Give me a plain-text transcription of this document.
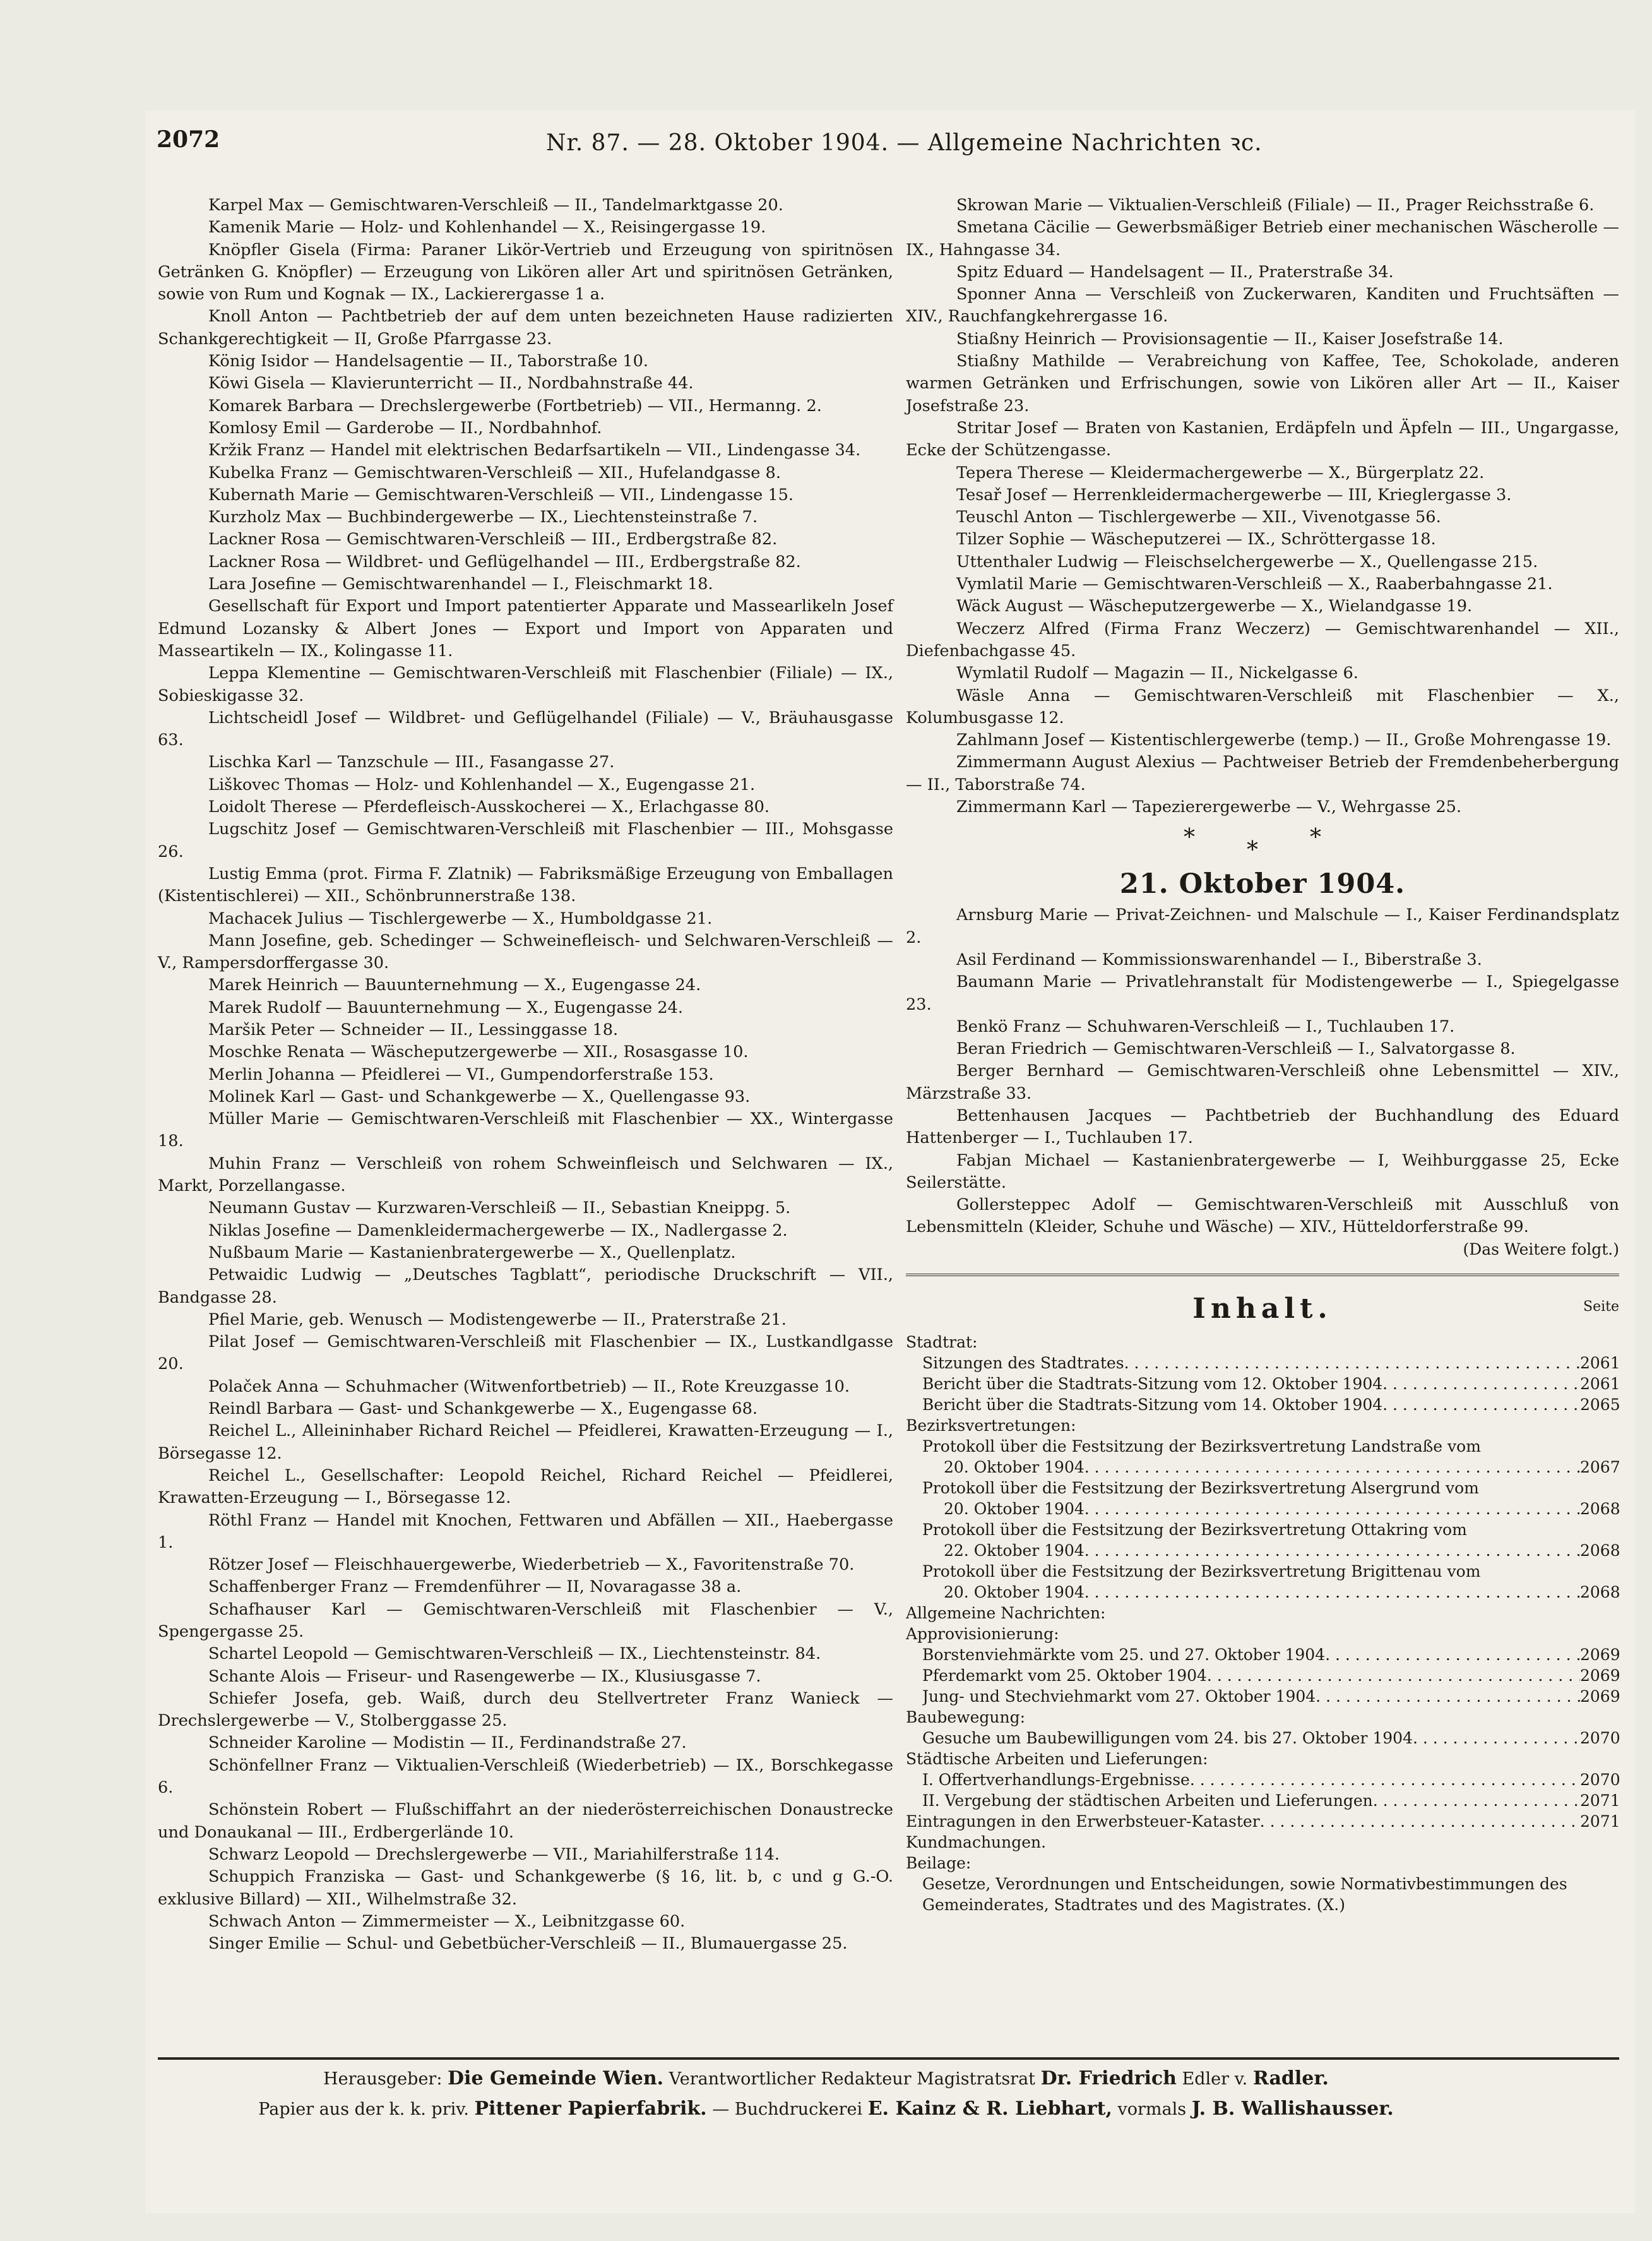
2072	Nr. 87. — 28. Oktober 1904. — Allgemeine Nachrichten ꝛc.

Karpel Max — Gemischtwaren-Verschleiß — II., Tandelmarktgasse 20.

Kamenik Marie — Holz- und Kohlenhandel — X., Reisingergasse 19.

Knöpfler Gisela (Firma: Paraner Likör-Vertrieb und Erzeugung von spiritnösen Getränken G. Knöpfler) — Erzeugung von Likören aller Art und spiritnösen Getränken, sowie von Rum und Kognak — IX., Lackierergasse 1 a.

Knoll Anton — Pachtbetrieb der auf dem unten bezeichneten Hause radizierten Schankgerechtigkeit — II, Große Pfarrgasse 23.

König Isidor — Handelsagentie — II., Taborstraße 10.

Köwi Gisela — Klavierunterricht — II., Nordbahnstraße 44.

Komarek Barbara — Drechslergewerbe (Fortbetrieb) — VII., Hermanng. 2.

Komlosy Emil — Garderobe — II., Nordbahnhof.

Kržik Franz — Handel mit elektrischen Bedarfsartikeln — VII., Lindengasse 34.

Kubelka Franz — Gemischtwaren-Verschleiß — XII., Hufelandgasse 8.

Kubernath Marie — Gemischtwaren-Verschleiß — VII., Lindengasse 15.

Kurzholz Max — Buchbindergewerbe — IX., Liechtensteinstraße 7.

Lackner Rosa — Gemischtwaren-Verschleiß — III., Erdbergstraße 82.

Lackner Rosa — Wildbret- und Geflügelhandel — III., Erdbergstraße 82.

Lara Josefine — Gemischtwarenhandel — I., Fleischmarkt 18.

Gesellschaft für Export und Import patentierter Apparate und Massearlikeln Josef Edmund Lozansky & Albert Jones — Export und Import von Apparaten und Masseartikeln — IX., Kolingasse 11.

Leppa Klementine — Gemischtwaren-Verschleiß mit Flaschenbier (Filiale) — IX., Sobieskigasse 32.

Lichtscheidl Josef — Wildbret- und Geflügelhandel (Filiale) — V., Bräuhausgasse 63.

Lischka Karl — Tanzschule — III., Fasangasse 27.

Liškovec Thomas — Holz- und Kohlenhandel — X., Eugengasse 21.

Loidolt Therese — Pferdefleisch-Ausskocherei — X., Erlachgasse 80.

Lugschitz Josef — Gemischtwaren-Verschleiß mit Flaschenbier — III., Mohsgasse 26.

Lustig Emma (prot. Firma F. Zlatnik) — Fabriksmäßige Erzeugung von Emballagen (Kistentischlerei) — XII., Schönbrunnerstraße 138.

Machacek Julius — Tischlergewerbe — X., Humboldgasse 21.

Mann Josefine, geb. Schedinger — Schweinefleisch- und Selchwaren-Verschleiß — V., Rampersdorffergasse 30.

Marek Heinrich — Bauunternehmung — X., Eugengasse 24.

Marek Rudolf — Bauunternehmung — X., Eugengasse 24.

Maršik Peter — Schneider — II., Lessinggasse 18.

Moschke Renata — Wäscheputzergewerbe — XII., Rosasgasse 10.

Merlin Johanna — Pfeidlerei — VI., Gumpendorferstraße 153.

Molinek Karl — Gast- und Schankgewerbe — X., Quellengasse 93.

Müller Marie — Gemischtwaren-Verschleiß mit Flaschenbier — XX., Wintergasse 18.

Muhin Franz — Verschleiß von rohem Schweinfleisch und Selchwaren — IX., Markt, Porzellangasse.

Neumann Gustav — Kurzwaren-Verschleiß — II., Sebastian Kneippg. 5.

Niklas Josefine — Damenkleidermachergewerbe — IX., Nadlergasse 2.

Nußbaum Marie — Kastanienbratergewerbe — X., Quellenplatz.

Petwaidic Ludwig — „Deutsches Tagblatt“, periodische Druckschrift — VII., Bandgasse 28.

Pfiel Marie, geb. Wenusch — Modistengewerbe — II., Praterstraße 21.

Pilat Josef — Gemischtwaren-Verschleiß mit Flaschenbier — IX., Lustkandlgasse 20.

Polaček Anna — Schuhmacher (Witwenfortbetrieb) — II., Rote Kreuzgasse 10.

Reindl Barbara — Gast- und Schankgewerbe — X., Eugengasse 68.

Reichel L., Alleininhaber Richard Reichel — Pfeidlerei, Krawatten-Erzeugung — I., Börsegasse 12.

Reichel L., Gesellschafter: Leopold Reichel, Richard Reichel — Pfeidlerei, Krawatten-Erzeugung — I., Börsegasse 12.

Röthl Franz — Handel mit Knochen, Fettwaren und Abfällen — XII., Haebergasse 1.

Rötzer Josef — Fleischhauergewerbe, Wiederbetrieb — X., Favoritenstraße 70.

Schaffenberger Franz — Fremdenführer — II, Novaragasse 38 a.

Schafhauser Karl — Gemischtwaren-Verschleiß mit Flaschenbier — V., Spengergasse 25.

Schartel Leopold — Gemischtwaren-Verschleiß — IX., Liechtensteinstr. 84.

Schante Alois — Friseur- und Rasengewerbe — IX., Klusiusgasse 7.

Schiefer Josefa, geb. Waiß, durch deu Stellvertreter Franz Wanieck — Drechslergewerbe — V., Stolberggasse 25.

Schneider Karoline — Modistin — II., Ferdinandstraße 27.

Schönfellner Franz — Viktualien-Verschleiß (Wiederbetrieb) — IX., Borschkegasse 6.

Schönstein Robert — Flußschiffahrt an der niederösterreichischen Donaustrecke und Donaukanal — III., Erdbergerlände 10.

Schwarz Leopold — Drechslergewerbe — VII., Mariahilferstraße 114.

Schuppich Franziska — Gast- und Schankgewerbe (§ 16, lit. b, c und g G.-O. exklusive Billard) — XII., Wilhelmstraße 32.

Schwach Anton — Zimmermeister — X., Leibnitzgasse 60.

Singer Emilie — Schul- und Gebetbücher-Verschleiß — II., Blumauergasse 25.

Skrowan Marie — Viktualien-Verschleiß (Filiale) — II., Prager Reichsstraße 6.

Smetana Cäcilie — Gewerbsmäßiger Betrieb einer mechanischen Wäscherolle — IX., Hahngasse 34.

Spitz Eduard — Handelsagent — II., Praterstraße 34.

Sponner Anna — Verschleiß von Zuckerwaren, Kanditen und Fruchtsäften — XIV., Rauchfangkehrergasse 16.

Stiaßny Heinrich — Provisionsagentie — II., Kaiser Josefstraße 14.

Stiaßny Mathilde — Verabreichung von Kaffee, Tee, Schokolade, anderen warmen Getränken und Erfrischungen, sowie von Likören aller Art — II., Kaiser Josefstraße 23.

Stritar Josef — Braten von Kastanien, Erdäpfeln und Äpfeln — III., Ungargasse, Ecke der Schützengasse.

Tepera Therese — Kleidermachergewerbe — X., Bürgerplatz 22.

Tesař Josef — Herrenkleidermachergewerbe — III, Krieglergasse 3.

Teuschl Anton — Tischlergewerbe — XII., Vivenotgasse 56.

Tilzer Sophie — Wäscheputzerei — IX., Schröttergasse 18.

Uttenthaler Ludwig — Fleischselchergewerbe — X., Quellengasse 215.

Vymlatil Marie — Gemischtwaren-Verschleiß — X., Raaberbahngasse 21.

Wäck August — Wäscheputzergewerbe — X., Wielandgasse 19.

Weczerz Alfred (Firma Franz Weczerz) — Gemischtwarenhandel — XII., Diefenbachgasse 45.

Wymlatil Rudolf — Magazin — II., Nickelgasse 6.

Wäsle Anna — Gemischtwaren-Verschleiß mit Flaschenbier — X., Kolumbusgasse 12.

Zahlmann Josef — Kistentischlergewerbe (temp.) — II., Große Mohrengasse 19.

Zimmermann August Alexius — Pachtweiser Betrieb der Fremdenbeherbergung — II., Taborstraße 74.

Zimmermann Karl — Tapezierergewerbe — V., Wehrgasse 25.

* * *
21. Oktober 1904.

Arnsburg Marie — Privat-Zeichnen- und Malschule — I., Kaiser Ferdinandsplatz 2.

Asil Ferdinand — Kommissionswarenhandel — I., Biberstraße 3.

Baumann Marie — Privatlehranstalt für Modistengewerbe — I., Spiegelgasse 23.

Benkö Franz — Schuhwaren-Verschleiß — I., Tuchlauben 17.

Beran Friedrich — Gemischtwaren-Verschleiß — I., Salvatorgasse 8.

Berger Bernhard — Gemischtwaren-Verschleiß ohne Lebensmittel — XIV., Märzstraße 33.

Bettenhausen Jacques — Pachtbetrieb der Buchhandlung des Eduard Hattenberger — I., Tuchlauben 17.

Fabjan Michael — Kastanienbratergewerbe — I, Weihburggasse 25, Ecke Seilerstätte.

Gollersteppec Adolf — Gemischtwaren-Verschleiß mit Ausschluß von Lebensmitteln (Kleider, Schuhe und Wäsche) — XIV., Hütteldorferstraße 99.

(Das Weitere folgt.)
Inhalt.	Seite
Stadtrat:
Sitzungen des Stadtrates . . .	2061
Bericht über die Stadtrats-Sitzung vom 12. Oktober 1904 . . .	2061
Bericht über die Stadtrats-Sitzung vom 14. Oktober 1904 . . .	2065
Bezirksvertretungen:
Protokoll über die Festsitzung der Bezirksvertretung Landstraße vom
20. Oktober 1904 . . .	2067
Protokoll über die Festsitzung der Bezirksvertretung Alsergrund vom
20. Oktober 1904 . . .	2068
Protokoll über die Festsitzung der Bezirksvertretung Ottakring vom
22. Oktober 1904 . . .	2068
Protokoll über die Festsitzung der Bezirksvertretung Brigittenau vom
20. Oktober 1904 . . .	2068
Allgemeine Nachrichten:
Approvisionierung:
Borstenviehmärkte vom 25. und 27. Oktober 1904 . . .	2069
Pferdemarkt vom 25. Oktober 1904 . . .	2069
Jung- und Stechviehmarkt vom 27. Oktober 1904 . . .	2069
Baubewegung:
Gesuche um Baubewilligungen vom 24. bis 27. Oktober 1904 . . .	2070
Städtische Arbeiten und Lieferungen:
I. Offertverhandlungs-Ergebnisse . . .	2070
II. Vergebung der städtischen Arbeiten und Lieferungen . . .	2071
Eintragungen in den Erwerbsteuer-Kataster . . .	2071
Kundmachungen.
Beilage:
Gesetze, Verordnungen und Entscheidungen, sowie Normativbestimmungen des Gemeinderates, Stadtrates und des Magistrates. (X.)
Herausgeber: Die Gemeinde Wien. Verantwortlicher Redakteur Magistratsrat Dr. Friedrich Edler v. Radler.
Papier aus der k. k. priv. Pittener Papierfabrik. — Buchdruckerei E. Kainz & R. Liebhart, vormals J. B. Wallishausser.
